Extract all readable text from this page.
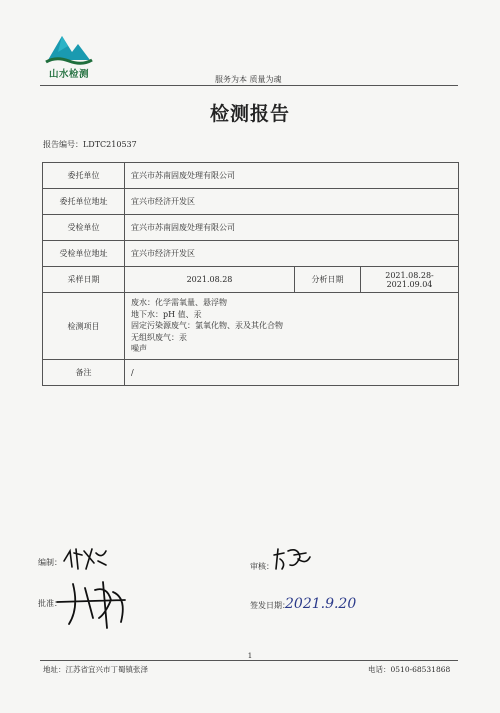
山水检测	服务为本 质量为魂
检测报告
报告编号：LDTC210537
委托单位	宜兴市苏南固废处理有限公司		
委托单位地址	宜兴市经济开发区		
受检单位	宜兴市苏南固废处理有限公司		
受检单位地址	宜兴市经济开发区		
采样日期	2021.08.28	分析日期	2021.08.28-2021.09.04
检测项目	废水：化学需氧量、悬浮物
地下水：pH 值、汞
固定污染源废气：氯氧化物、汞及其化合物
无组织废气：汞
噪声		

备注	/		
编制：	审核：
批准：	签发日期：
2021.9.20
1
地址：江苏省宜兴市丁蜀镇张泽	电话：0510-68531868
